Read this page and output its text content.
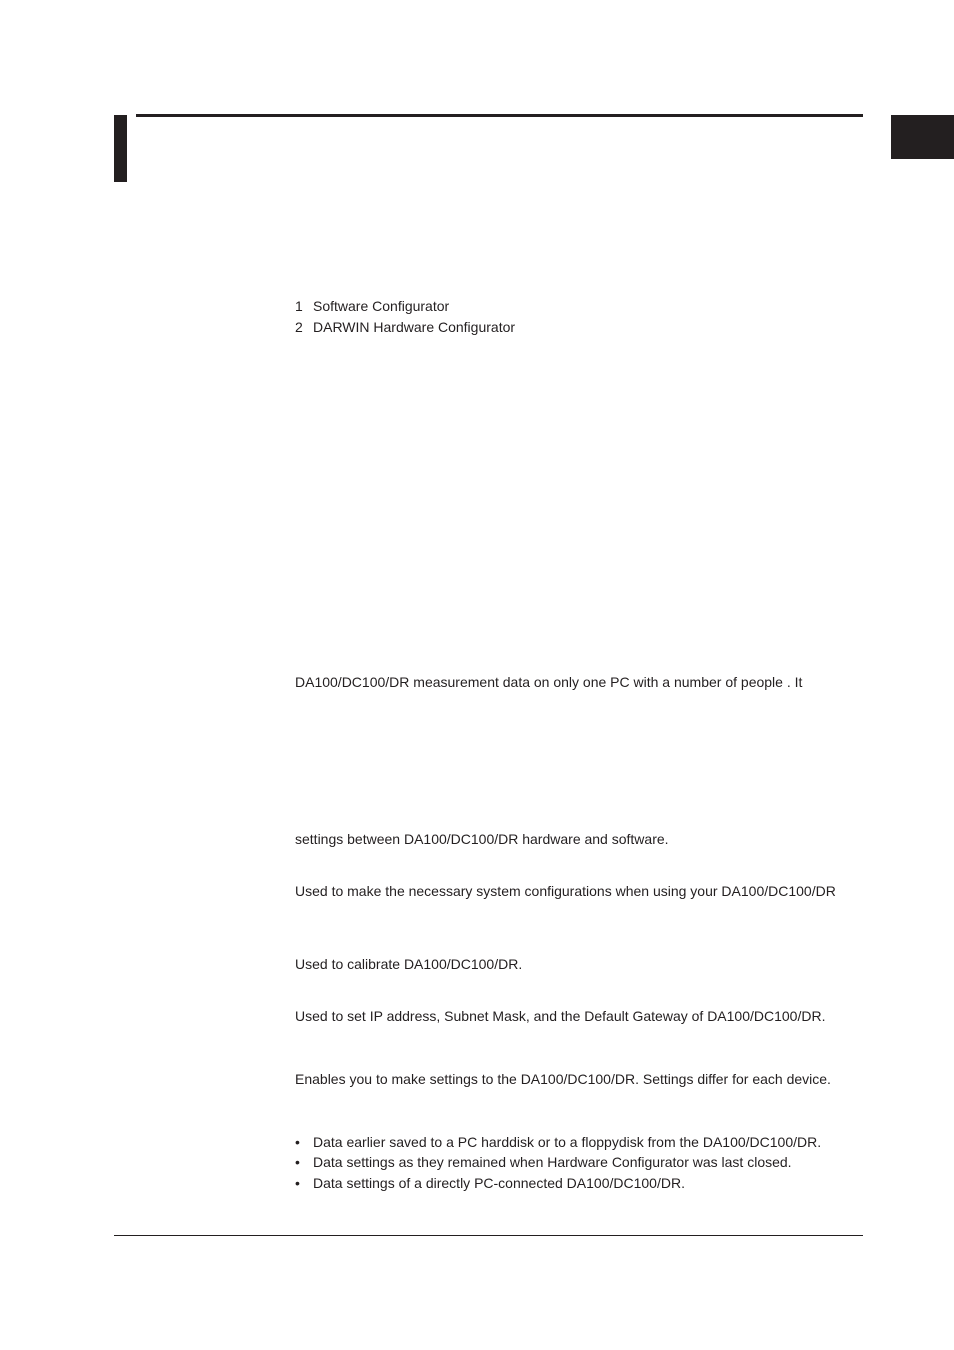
1 Software Configurator
2 DARWIN Hardware Configurator
DA100/DC100/DR measurement data on only one PC with a number of people . It
settings between DA100/DC100/DR hardware and software.
Used to make the necessary system configurations when using your DA100/DC100/DR
Used to calibrate DA100/DC100/DR.
Used to set IP address, Subnet Mask, and the Default Gateway of DA100/DC100/DR.
Enables you to make settings to the DA100/DC100/DR. Settings differ for each device.
• Data earlier saved to a PC harddisk or to a floppydisk from the DA100/DC100/DR.
• Data settings as they remained when Hardware Configurator was last closed.
• Data settings of a directly PC-connected DA100/DC100/DR.
